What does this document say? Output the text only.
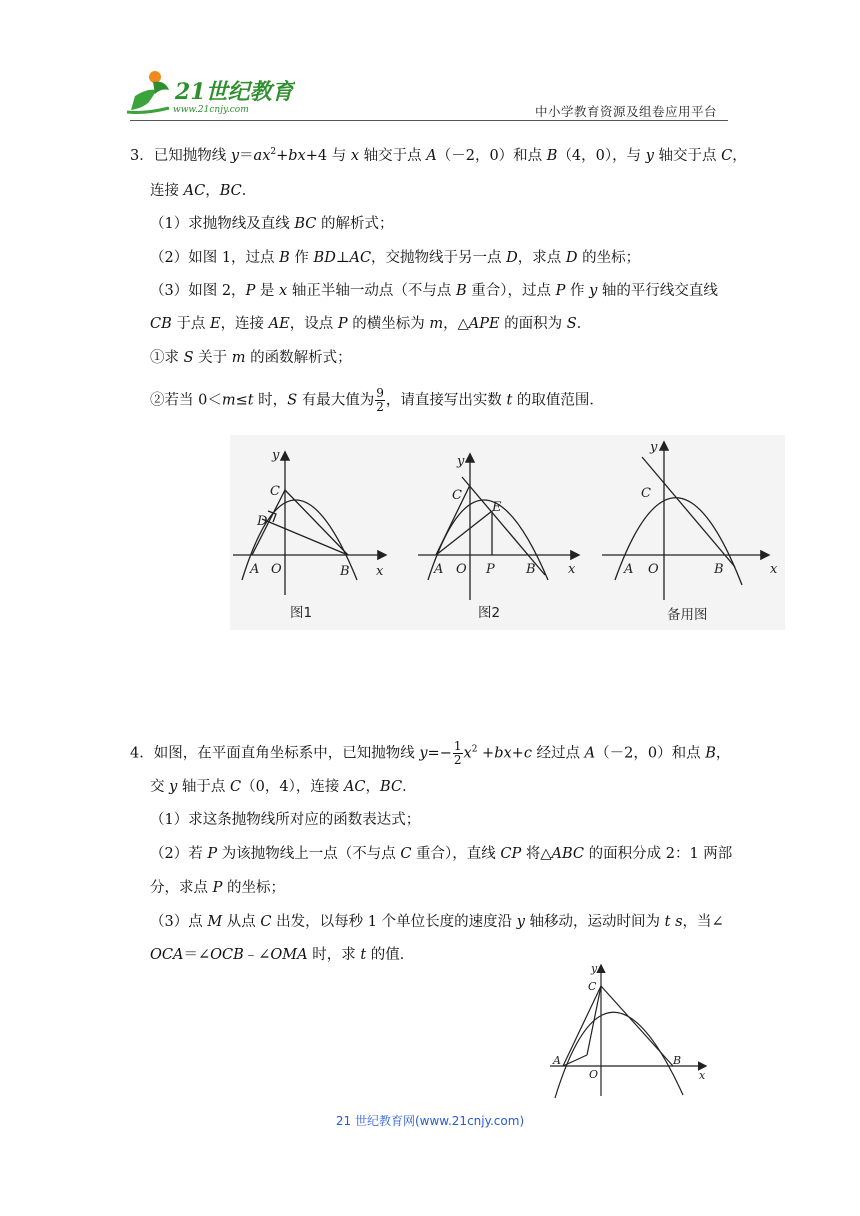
21世纪教育
www.21cnjy.com	中小学教育资源及组卷应用平台
3．已知抛物线 $y=ax^2+bx+4$ 与 x 轴交于点 A（－2，0）和点 B（4，0），与 y 轴交于点 C，
连接 AC，BC．
（1）求抛物线及直线 BC 的解析式；
（2）如图 1，过点 B 作 BD⊥AC，交抛物线于另一点 D，求点 D 的坐标；
（3）如图 2，P 是 x 轴正半轴一动点（不与点 B 重合），过点 P 作 y 轴的平行线交直线
CB 于点 E，连接 AE，设点 P 的横坐标为 m，△APE 的面积为 S．
①求 S 关于 m 的函数解析式；
②若当 0＜m≤t 时，S 有最大值为 $\frac{9}{2}$ ，请直接写出实数 t 的取值范围．
y
x
C
D
A O	B
图1
y
x
C
E
A O P B
图2
y
x
C
A O	B
备用图
4．如图，在平面直角坐标系中，已知抛物线 $y=- \frac{1}{2} x^2 +bx+c$ 经过点 A（－2，0）和点 B，
交 y 轴于点 C（0，4），连接 AC，BC．
（1）求这条抛物线所对应的函数表达式；
（2）若 P 为该抛物线上一点（不与点 C 重合），直线 CP 将△ABC 的面积分成 2：1 两部
分，求点 P 的坐标；
（3）点 M 从点 C 出发，以每秒 1 个单位长度的速度沿 y 轴移动，运动时间为 t s，当∠
OCA＝∠OCB﹣∠OMA 时，求 t 的值．
y
x
C
A
O
B
21 世纪教育网(www.21cnjy.com)
